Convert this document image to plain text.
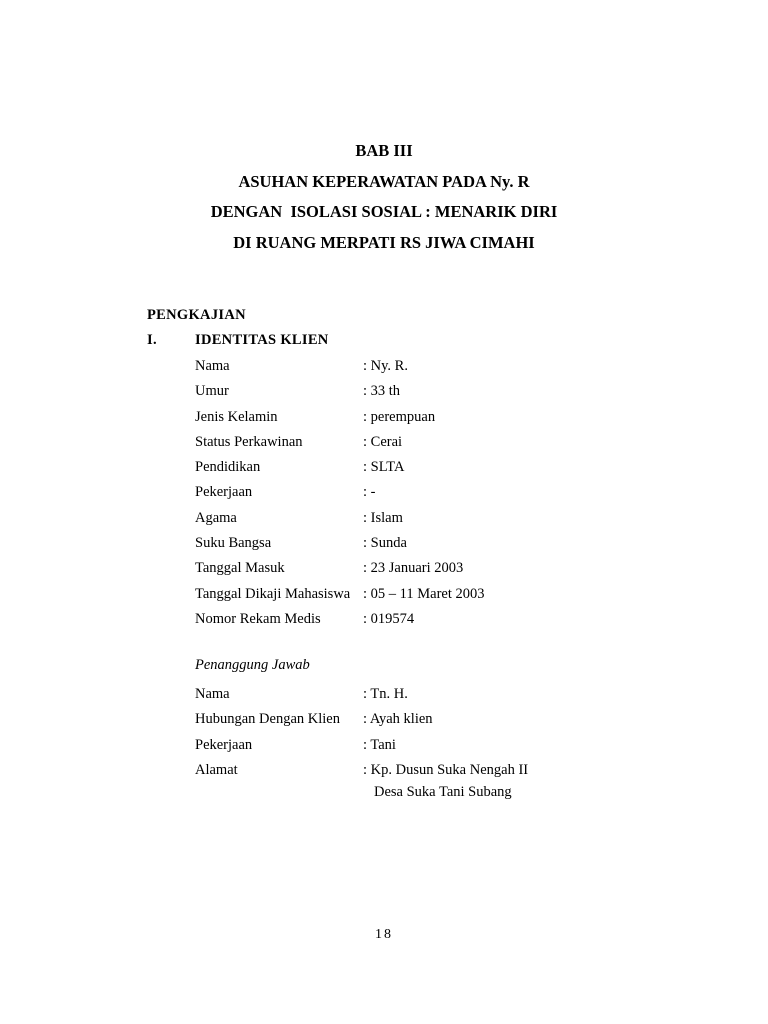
BAB III
ASUHAN KEPERAWATAN PADA Ny. R
DENGAN  ISOLASI SOSIAL : MENARIK DIRI
DI RUANG MERPATI RS JIWA CIMAHI
PENGKAJIAN
I.	IDENTITAS KLIEN
Nama	: Ny. R.
Umur	: 33 th
Jenis Kelamin	: perempuan
Status Perkawinan	: Cerai
Pendidikan	: SLTA
Pekerjaan	: -
Agama	: Islam
Suku Bangsa	: Sunda
Tanggal Masuk	: 23 Januari 2003
Tanggal Dikaji Mahasiswa : 05 – 11 Maret 2003
Nomor Rekam Medis	: 019574
Penanggung Jawab
Nama	: Tn. H.
Hubungan Dengan Klien : Ayah klien
Pekerjaan	: Tani
Alamat	: Kp. Dusun Suka Nengah II
Desa Suka Tani Subang
18
